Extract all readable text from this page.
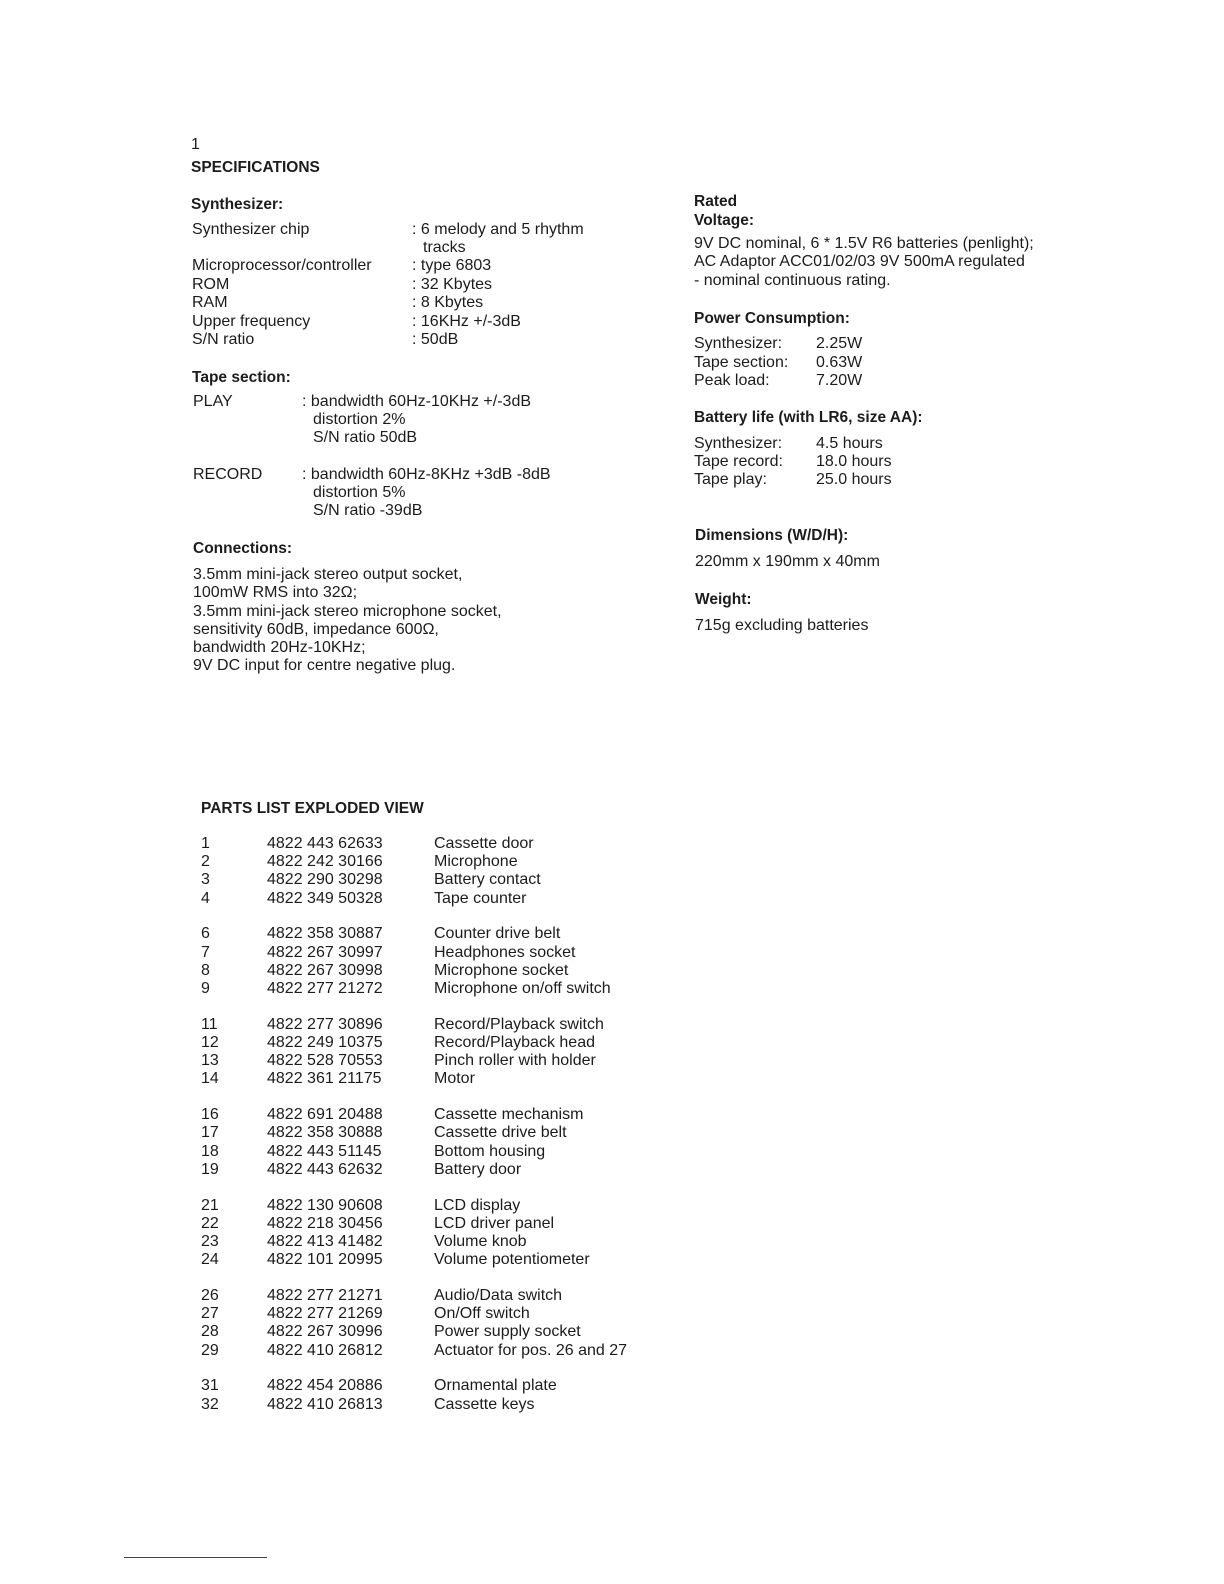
1
SPECIFICATIONS
Synthesizer:
Synthesizer chip	: 6 melody and 5 rhythm
tracks
Microprocessor/controller	: type 6803
ROM	: 32 Kbytes
RAM	: 8 Kbytes
Upper frequency	: 16KHz +/-3dB
S/N ratio	: 50dB
Tape section:
PLAY	: bandwidth 60Hz-10KHz +/-3dB
distortion 2%
S/N ratio 50dB
RECORD : bandwidth 60Hz-8KHz +3dB -8dB
distortion 5%
S/N ratio -39dB
Connections:
3.5mm mini-jack stereo output socket,
100mW RMS into 32Ω;
3.5mm mini-jack stereo microphone socket,
sensitivity 60dB, impedance 600Ω,
bandwidth 20Hz-10KHz;
9V DC input for centre negative plug.
Rated
Voltage:
9V DC nominal, 6 * 1.5V R6 batteries (penlight);
AC Adaptor ACC01/02/03 9V 500mA regulated
- nominal continuous rating.
Power Consumption:
Synthesizer: 2.25W
Tape section: 0.63W
Peak load:	7.20W
Battery life (with LR6, size AA):
Synthesizer: 4.5 hours
Tape record: 18.0 hours
Tape play:	25.0 hours
Dimensions (W/D/H):
220mm x 190mm x 40mm
Weight:
715g excluding batteries
PARTS LIST EXPLODED VIEW
1	4822 443 62633	Cassette door
2	4822 242 30166	Microphone
3	4822 290 30298	Battery contact
4	4822 349 50328	Tape counter
6	4822 358 30887	Counter drive belt
7	4822 267 30997	Headphones socket
8	4822 267 30998	Microphone socket
9	4822 277 21272	Microphone on/off switch
11	4822 277 30896	Record/Playback switch
12	4822 249 10375	Record/Playback head
13	4822 528 70553	Pinch roller with holder
14	4822 361 21175	Motor
16	4822 691 20488	Cassette mechanism
17	4822 358 30888	Cassette drive belt
18	4822 443 51145	Bottom housing
19	4822 443 62632	Battery door
21	4822 130 90608	LCD display
22	4822 218 30456	LCD driver panel
23	4822 413 41482	Volume knob
24	4822 101 20995	Volume potentiometer
26	4822 277 21271	Audio/Data switch
27	4822 277 21269	On/Off switch
28	4822 267 30996	Power supply socket
29	4822 410 26812	Actuator for pos. 26 and 27
31	4822 454 20886	Ornamental plate
32	4822 410 26813	Cassette keys
